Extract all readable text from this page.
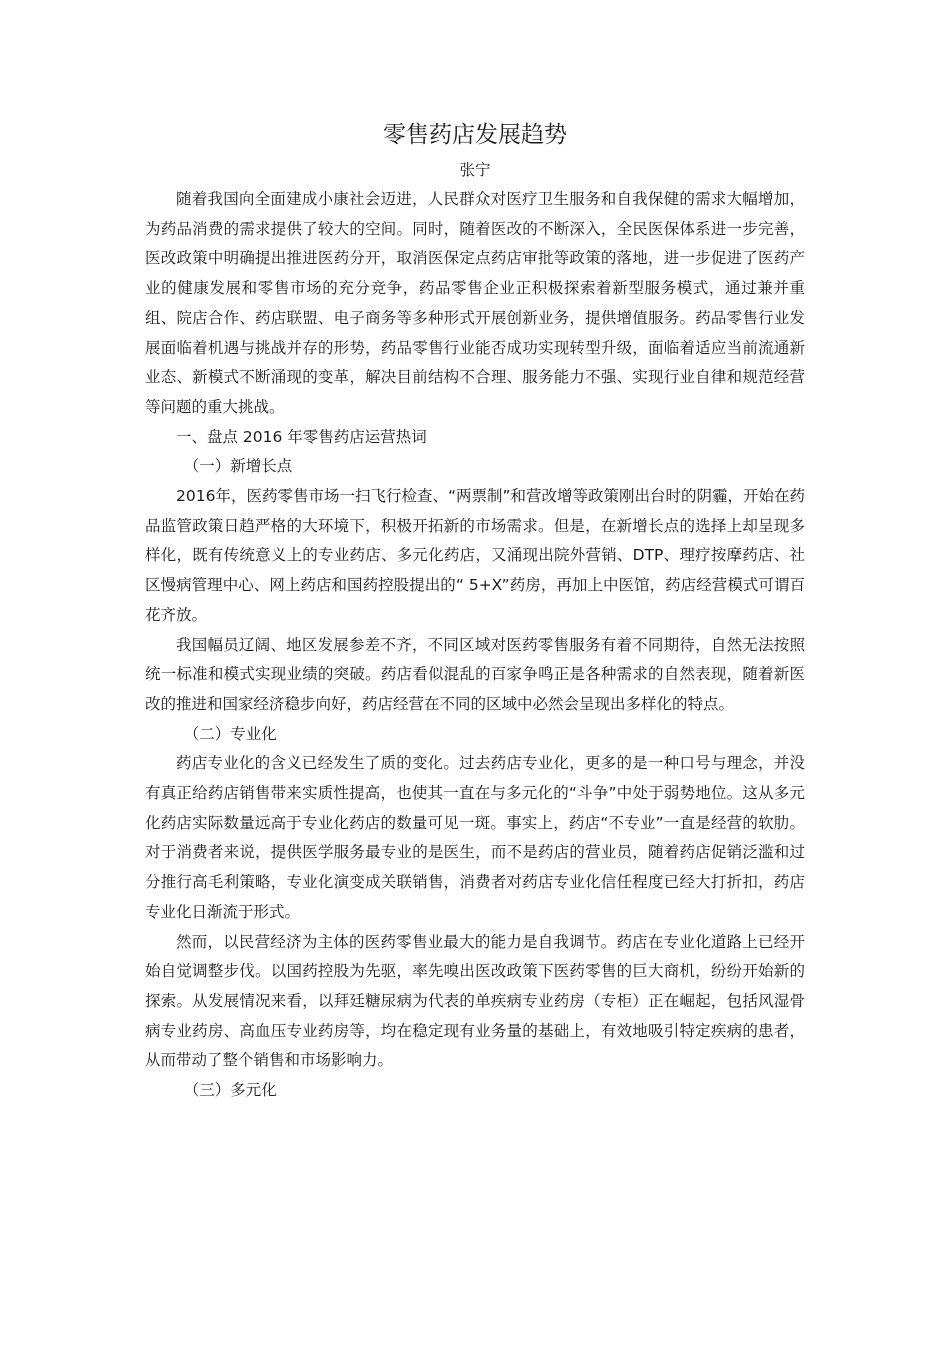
零售药店发展趋势
张宁

随着我国向全面建成小康社会迈进，人民群众对医疗卫生服务和自我保健的需求大幅增加，为药品消费的需求提供了较大的空间。同时，随着医改的不断深入，全民医保体系进一步完善，医改政策中明确提出推进医药分开，取消医保定点药店审批等政策的落地，进一步促进了医药产业的健康发展和零售市场的充分竞争，药品零售企业正积极探索着新型服务模式，通过兼并重组、院店合作、药店联盟、电子商务等多种形式开展创新业务，提供增值服务。药品零售行业发展面临着机遇与挑战并存的形势，药品零售行业能否成功实现转型升级，面临着适应当前流通新业态、新模式不断涌现的变革，解决目前结构不合理、服务能力不强、实现行业自律和规范经营等问题的重大挑战。

一、盘点 2016 年零售药店运营热词
（一）新增长点

2016年，医药零售市场一扫飞行检查、“两票制”和营改增等政策刚出台时的阴霾，开始在药品监管政策日趋严格的大环境下，积极开拓新的市场需求。但是，在新增长点的选择上却呈现多样化，既有传统意义上的专业药店、多元化药店，又涌现出院外营销、DTP、理疗按摩药店、社区慢病管理中心、网上药店和国药控股提出的“ 5+X”药房，再加上中医馆，药店经营模式可谓百花齐放。

我国幅员辽阔、地区发展参差不齐，不同区域对医药零售服务有着不同期待，自然无法按照统一标准和模式实现业绩的突破。药店看似混乱的百家争鸣正是各种需求的自然表现，随着新医改的推进和国家经济稳步向好，药店经营在不同的区域中必然会呈现出多样化的特点。

（二）专业化

药店专业化的含义已经发生了质的变化。过去药店专业化，更多的是一种口号与理念，并没有真正给药店销售带来实质性提高，也使其一直在与多元化的“斗争”中处于弱势地位。这从多元化药店实际数量远高于专业化药店的数量可见一斑。事实上，药店“不专业”一直是经营的软肋。对于消费者来说，提供医学服务最专业的是医生，而不是药店的营业员，随着药店促销泛滥和过分推行高毛利策略，专业化演变成关联销售，消费者对药店专业化信任程度已经大打折扣，药店专业化日渐流于形式。

然而，以民营经济为主体的医药零售业最大的能力是自我调节。药店在专业化道路上已经开始自觉调整步伐。以国药控股为先驱，率先嗅出医改政策下医药零售的巨大商机，纷纷开始新的探索。从发展情况来看，以拜廷糖尿病为代表的单疾病专业药房（专柜）正在崛起，包括风湿骨病专业药房、高血压专业药房等，均在稳定现有业务量的基础上，有效地吸引特定疾病的患者，从而带动了整个销售和市场影响力。

（三）多元化
